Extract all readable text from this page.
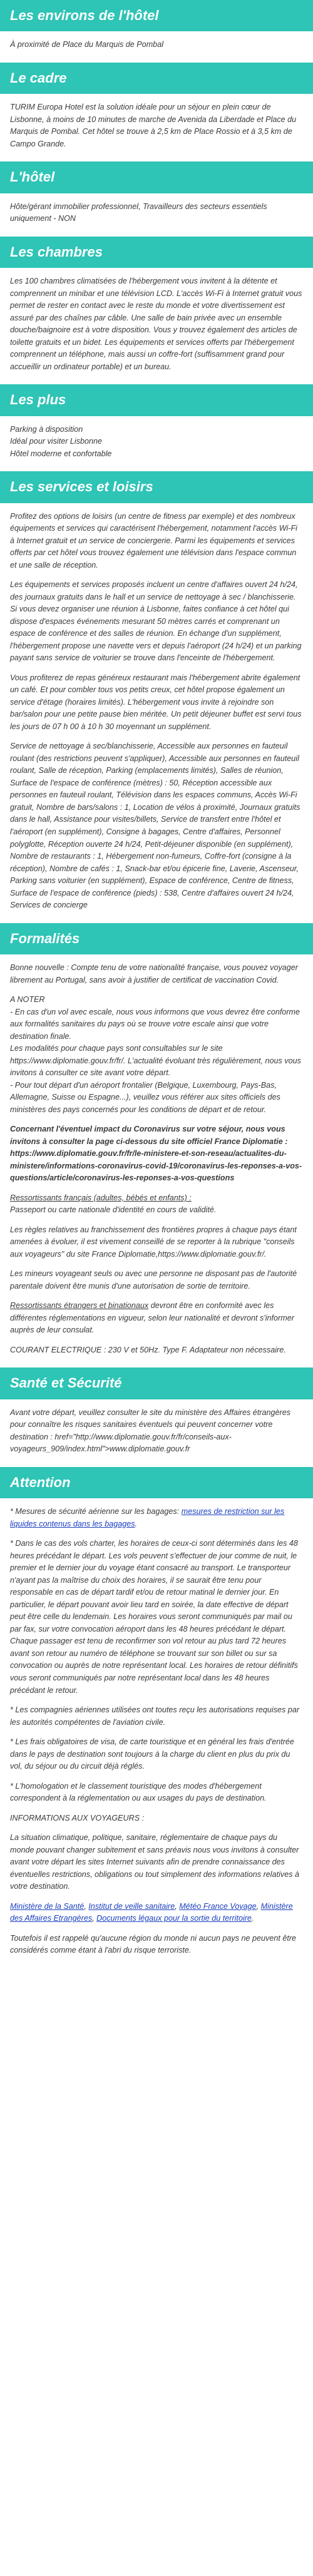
Les environs de l'hôtel

À proximité de Place du Marquis de Pombal

Le cadre

TURIM Europa Hotel est la solution idéale pour un séjour en plein cœur de Lisbonne, à moins de 10 minutes de marche de Avenida da Liberdade et Place du Marquis de Pombal. Cet hôtel se trouve à 2,5 km de Place Rossio et à 3,5 km de Campo Grande.

L'hôtel

Hôte/gérant immobilier professionnel, Travailleurs des secteurs essentiels uniquement - NON

Les chambres

Les 100 chambres climatisées de l'hébergement vous invitent à la détente et comprennent un minibar et une télévision LCD. L'accès Wi-Fi à Internet gratuit vous permet de rester en contact avec le reste du monde et votre divertissement est assuré par des chaînes par câble. Une salle de bain privée avec un ensemble douche/baignoire est à votre disposition. Vous y trouvez également des articles de toilette gratuits et un bidet. Les équipements et services offerts par l'hébergement comprennent un téléphone, mais aussi un coffre-fort (suffisamment grand pour accueillir un ordinateur portable) et un bureau.

Les plus

Parking à disposition
Idéal pour visiter Lisbonne
Hôtel moderne et confortable

Les services et loisirs

Profitez des options de loisirs (un centre de fitness par exemple) et des nombreux équipements et services qui caractérisent l'hébergement, notamment l'accès Wi-Fi à Internet gratuit et un service de conciergerie. Parmi les équipements et services offerts par cet hôtel vous trouvez également une télévision dans l'espace commun et une salle de réception.

Les équipements et services proposés incluent un centre d'affaires ouvert 24 h/24, des journaux gratuits dans le hall et un service de nettoyage à sec / blanchisserie. Si vous devez organiser une réunion à Lisbonne, faites confiance à cet hôtel qui dispose d'espaces événements mesurant 50 mètres carrés et comprenant un espace de conférence et des salles de réunion. En échange d'un supplément, l'hébergement propose une navette vers et depuis l'aéroport (24 h/24) et un parking payant sans service de voiturier se trouve dans l'enceinte de l'hébergement.

Vous profiterez de repas généreux restaurant mais l'hébergement abrite également un café. Et pour combler tous vos petits creux, cet hôtel propose également un service d'étage (horaires limités). L'hébergement vous invite à rejoindre son bar/salon pour une petite pause bien méritée. Un petit déjeuner buffet est servi tous les jours de 07 h 00 à 10 h 30 moyennant un supplément.

Service de nettoyage à sec/blanchisserie, Accessible aux personnes en fauteuil roulant (des restrictions peuvent s'appliquer), Accessible aux personnes en fauteuil roulant, Salle de réception, Parking (emplacements limités), Salles de réunion, Surface de l'espace de conférence (mètres) : 50, Réception accessible aux personnes en fauteuil roulant, Télévision dans les espaces communs, Accès Wi-Fi gratuit, Nombre de bars/salons : 1, Location de vélos à proximité, Journaux gratuits dans le hall, Assistance pour visites/billets, Service de transfert entre l'hôtel et l'aéroport (en supplément), Consigne à bagages, Centre d'affaires, Personnel polyglotte, Réception ouverte 24 h/24, Petit-déjeuner disponible (en supplément), Nombre de restaurants : 1, Hébergement non-fumeurs, Coffre-fort (consigne à la réception), Nombre de cafés : 1, Snack-bar et/ou épicerie fine, Laverie, Ascenseur, Parking sans voiturier (en supplément), Espace de conférence, Centre de fitness, Surface de l'espace de conférence (pieds) : 538, Centre d'affaires ouvert 24 h/24, Services de concierge

Formalités

Bonne nouvelle : Compte tenu de votre nationalité française, vous pouvez voyager librement au Portugal, sans avoir à justifier de certificat de vaccination Covid.

A NOTER
- En cas d'un vol avec escale, nous vous informons que vous devrez être conforme aux formalités sanitaires du pays où se trouve votre escale ainsi que votre destination finale.
Les modalités pour chaque pays sont consultables sur le site https://www.diplomatie.gouv.fr/fr/. L'actualité évoluant très régulièrement, nous vous invitons à consulter ce site avant votre départ.
- Pour tout départ d'un aéroport frontalier (Belgique, Luxembourg, Pays-Bas, Allemagne, Suisse ou Espagne...), veuillez vous référer aux sites officiels des ministères des pays concernés pour les conditions de départ et de retour.

Concernant l'éventuel impact du Coronavirus sur votre séjour, nous vous invitons à consulter la page ci-dessous du site officiel France Diplomatie : https://www.diplomatie.gouv.fr/fr/le-ministere-et-son-reseau/actualites-du-ministere/informations-coronavirus-covid-19/coronavirus-les-reponses-a-vos-questions/article/coronavirus-les-reponses-a-vos-questions

Ressortissants français (adultes, bébés et enfants) :
Passeport ou carte nationale d'identité en cours de validité.

Les règles relatives au franchissement des frontières propres à chaque pays étant amenées à évoluer, il est vivement conseillé de se reporter à la rubrique "conseils aux voyageurs" du site France Diplomatie,https://www.diplomatie.gouv.fr/.

Les mineurs voyageant seuls ou avec une personne ne disposant pas de l'autorité parentale doivent être munis d'une autorisation de sortie de territoire.

Ressortissants étrangers et binationaux devront être en conformité avec les différentes réglementations en vigueur, selon leur nationalité et devront s'informer auprès de leur consulat.

COURANT ELECTRIQUE : 230 V et 50Hz. Type F. Adaptateur non nécessaire.

Santé et Sécurité

Avant votre départ, veuillez consulter le site du ministère des Affaires étrangères pour connaître les risques sanitaires éventuels qui peuvent concerner votre destination : href="http://www.diplomatie.gouv.fr/fr/conseils-aux-voyageurs_909/index.html">www.diplomatie.gouv.fr

Attention

* Mesures de sécurité aérienne sur les bagages: mesures de restriction sur les liquides contenus dans les bagages.

* Dans le cas des vols charter, les horaires de ceux-ci sont déterminés dans les 48 heures précédant le départ. Les vols peuvent s'effectuer de jour comme de nuit, le premier et le dernier jour du voyage étant consacré au transport. Le transporteur n'ayant pas la maîtrise du choix des horaires, il se saurait être tenu pour responsable en cas de départ tardif et/ou de retour matinal le dernier jour. En particulier, le départ pouvant avoir lieu tard en soirée, la date effective de départ peut être celle du lendemain. Les horaires vous seront communiqués par mail ou par fax, sur votre convocation aéroport dans les 48 heures précédant le départ. Chaque passager est tenu de reconfirmer son vol retour au plus tard 72 heures avant son retour au numéro de téléphone se trouvant sur son billet ou sur sa convocation ou auprès de notre représentant local. Les horaires de retour définitifs vous seront communiqués par notre représentant local dans les 48 heures précédant le retour.

* Les compagnies aériennes utilisées ont toutes reçu les autorisations requises par les autorités compétentes de l'aviation civile.

* Les frais obligatoires de visa, de carte touristique et en général les frais d'entrée dans le pays de destination sont toujours à la charge du client en plus du prix du vol, du séjour ou du circuit déjà réglés.

* L'homologation et le classement touristique des modes d'hébergement correspondent à la réglementation ou aux usages du pays de destination.

INFORMATIONS AUX VOYAGEURS :

La situation climatique, politique, sanitaire, réglementaire de chaque pays du monde pouvant changer subitement et sans préavis nous vous invitons à consulter avant votre départ les sites Internet suivants afin de prendre connaissance des éventuelles restrictions, obligations ou tout simplement des informations relatives à votre destination.

Ministère de la Santé, Institut de veille sanitaire, Météo France Voyage, Ministère des Affaires Etrangères, Documents légaux pour la sortie du territoire.

Toutefois il est rappelé qu'aucune région du monde ni aucun pays ne peuvent être considérés comme étant à l'abri du risque terroriste.
